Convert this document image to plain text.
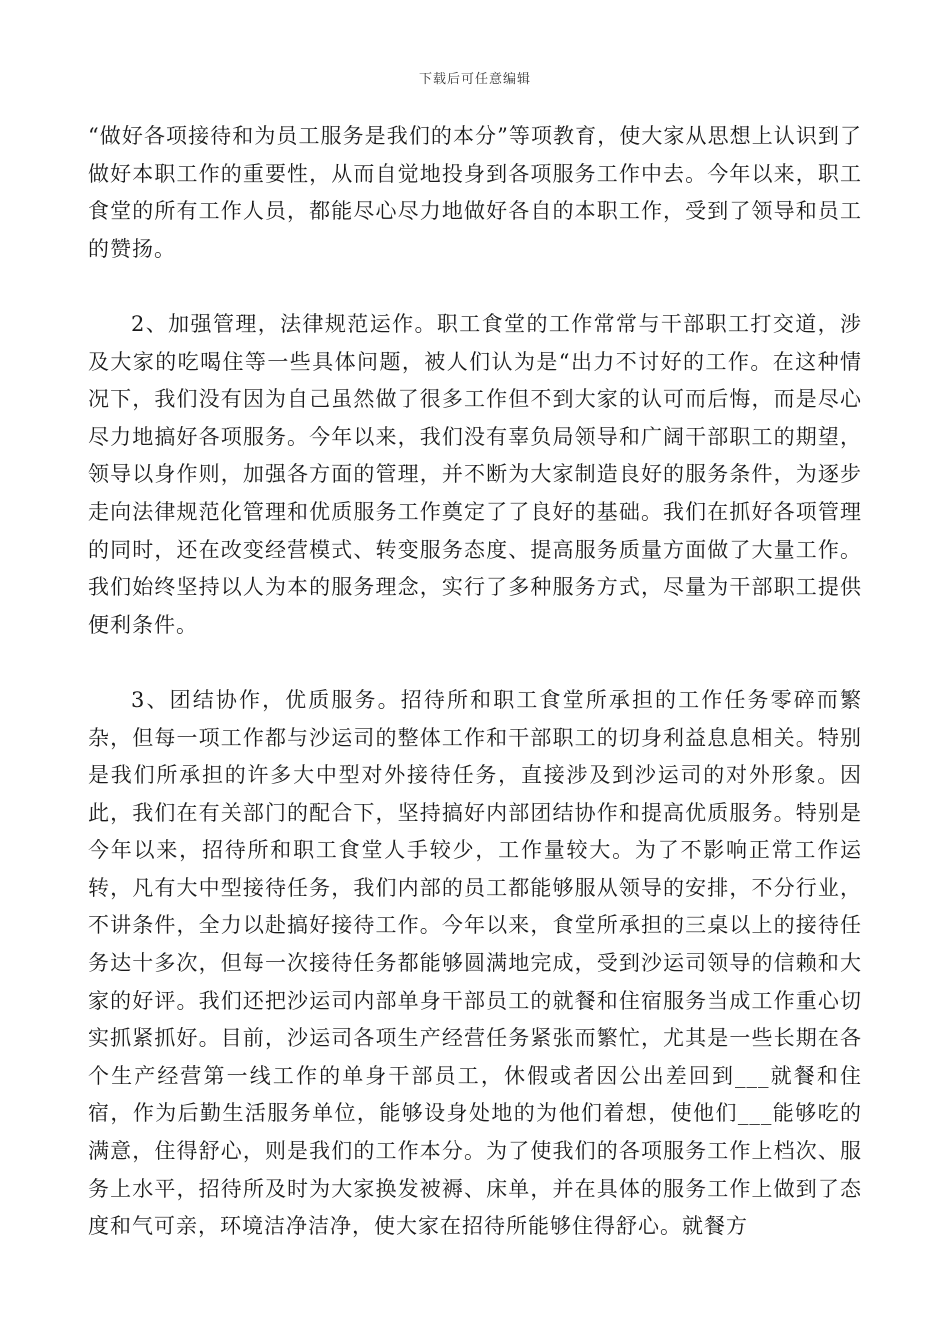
下载后可任意编辑

“做好各项接待和为员工服务是我们的本分”等项教育，使大家从思想上认识到了做好本职工作的重要性，从而自觉地投身到各项服务工作中去。今年以来，职工食堂的所有工作人员，都能尽心尽力地做好各自的本职工作，受到了领导和员工的赞扬。

2、加强管理，法律规范运作。职工食堂的工作常常与干部职工打交道，涉及大家的吃喝住等一些具体问题，被人们认为是“出力不讨好的工作。在这种情况下，我们没有因为自己虽然做了很多工作但不到大家的认可而后悔，而是尽心尽力地搞好各项服务。今年以来，我们没有辜负局领导和广阔干部职工的期望，领导以身作则，加强各方面的管理，并不断为大家制造良好的服务条件，为逐步走向法律规范化管理和优质服务工作奠定了了良好的基础。我们在抓好各项管理的同时，还在改变经营模式、转变服务态度、提高服务质量方面做了大量工作。我们始终坚持以人为本的服务理念，实行了多种服务方式，尽量为干部职工提供便利条件。

3、团结协作，优质服务。招待所和职工食堂所承担的工作任务零碎而繁杂，但每一项工作都与沙运司的整体工作和干部职工的切身利益息息相关。特别是我们所承担的许多大中型对外接待任务，直接涉及到沙运司的对外形象。因此，我们在有关部门的配合下，坚持搞好内部团结协作和提高优质服务。特别是今年以来，招待所和职工食堂人手较少，工作量较大。为了不影响正常工作运转，凡有大中型接待任务，我们内部的员工都能够服从领导的安排，不分行业，不讲条件，全力以赴搞好接待工作。今年以来，食堂所承担的三桌以上的接待任务达十多次，但每一次接待任务都能够圆满地完成，受到沙运司领导的信赖和大家的好评。我们还把沙运司内部单身干部员工的就餐和住宿服务当成工作重心切实抓紧抓好。目前，沙运司各项生产经营任务紧张而繁忙，尤其是一些长期在各个生产经营第一线工作的单身干部员工，休假或者因公出差回到___就餐和住宿，作为后勤生活服务单位，能够设身处地的为他们着想，使他们___能够吃的满意，住得舒心，则是我们的工作本分。为了使我们的各项服务工作上档次、服务上水平，招待所及时为大家换发被褥、床单，并在具体的服务工作上做到了态度和气可亲，环境洁净洁净，使大家在招待所能够住得舒心。就餐方
